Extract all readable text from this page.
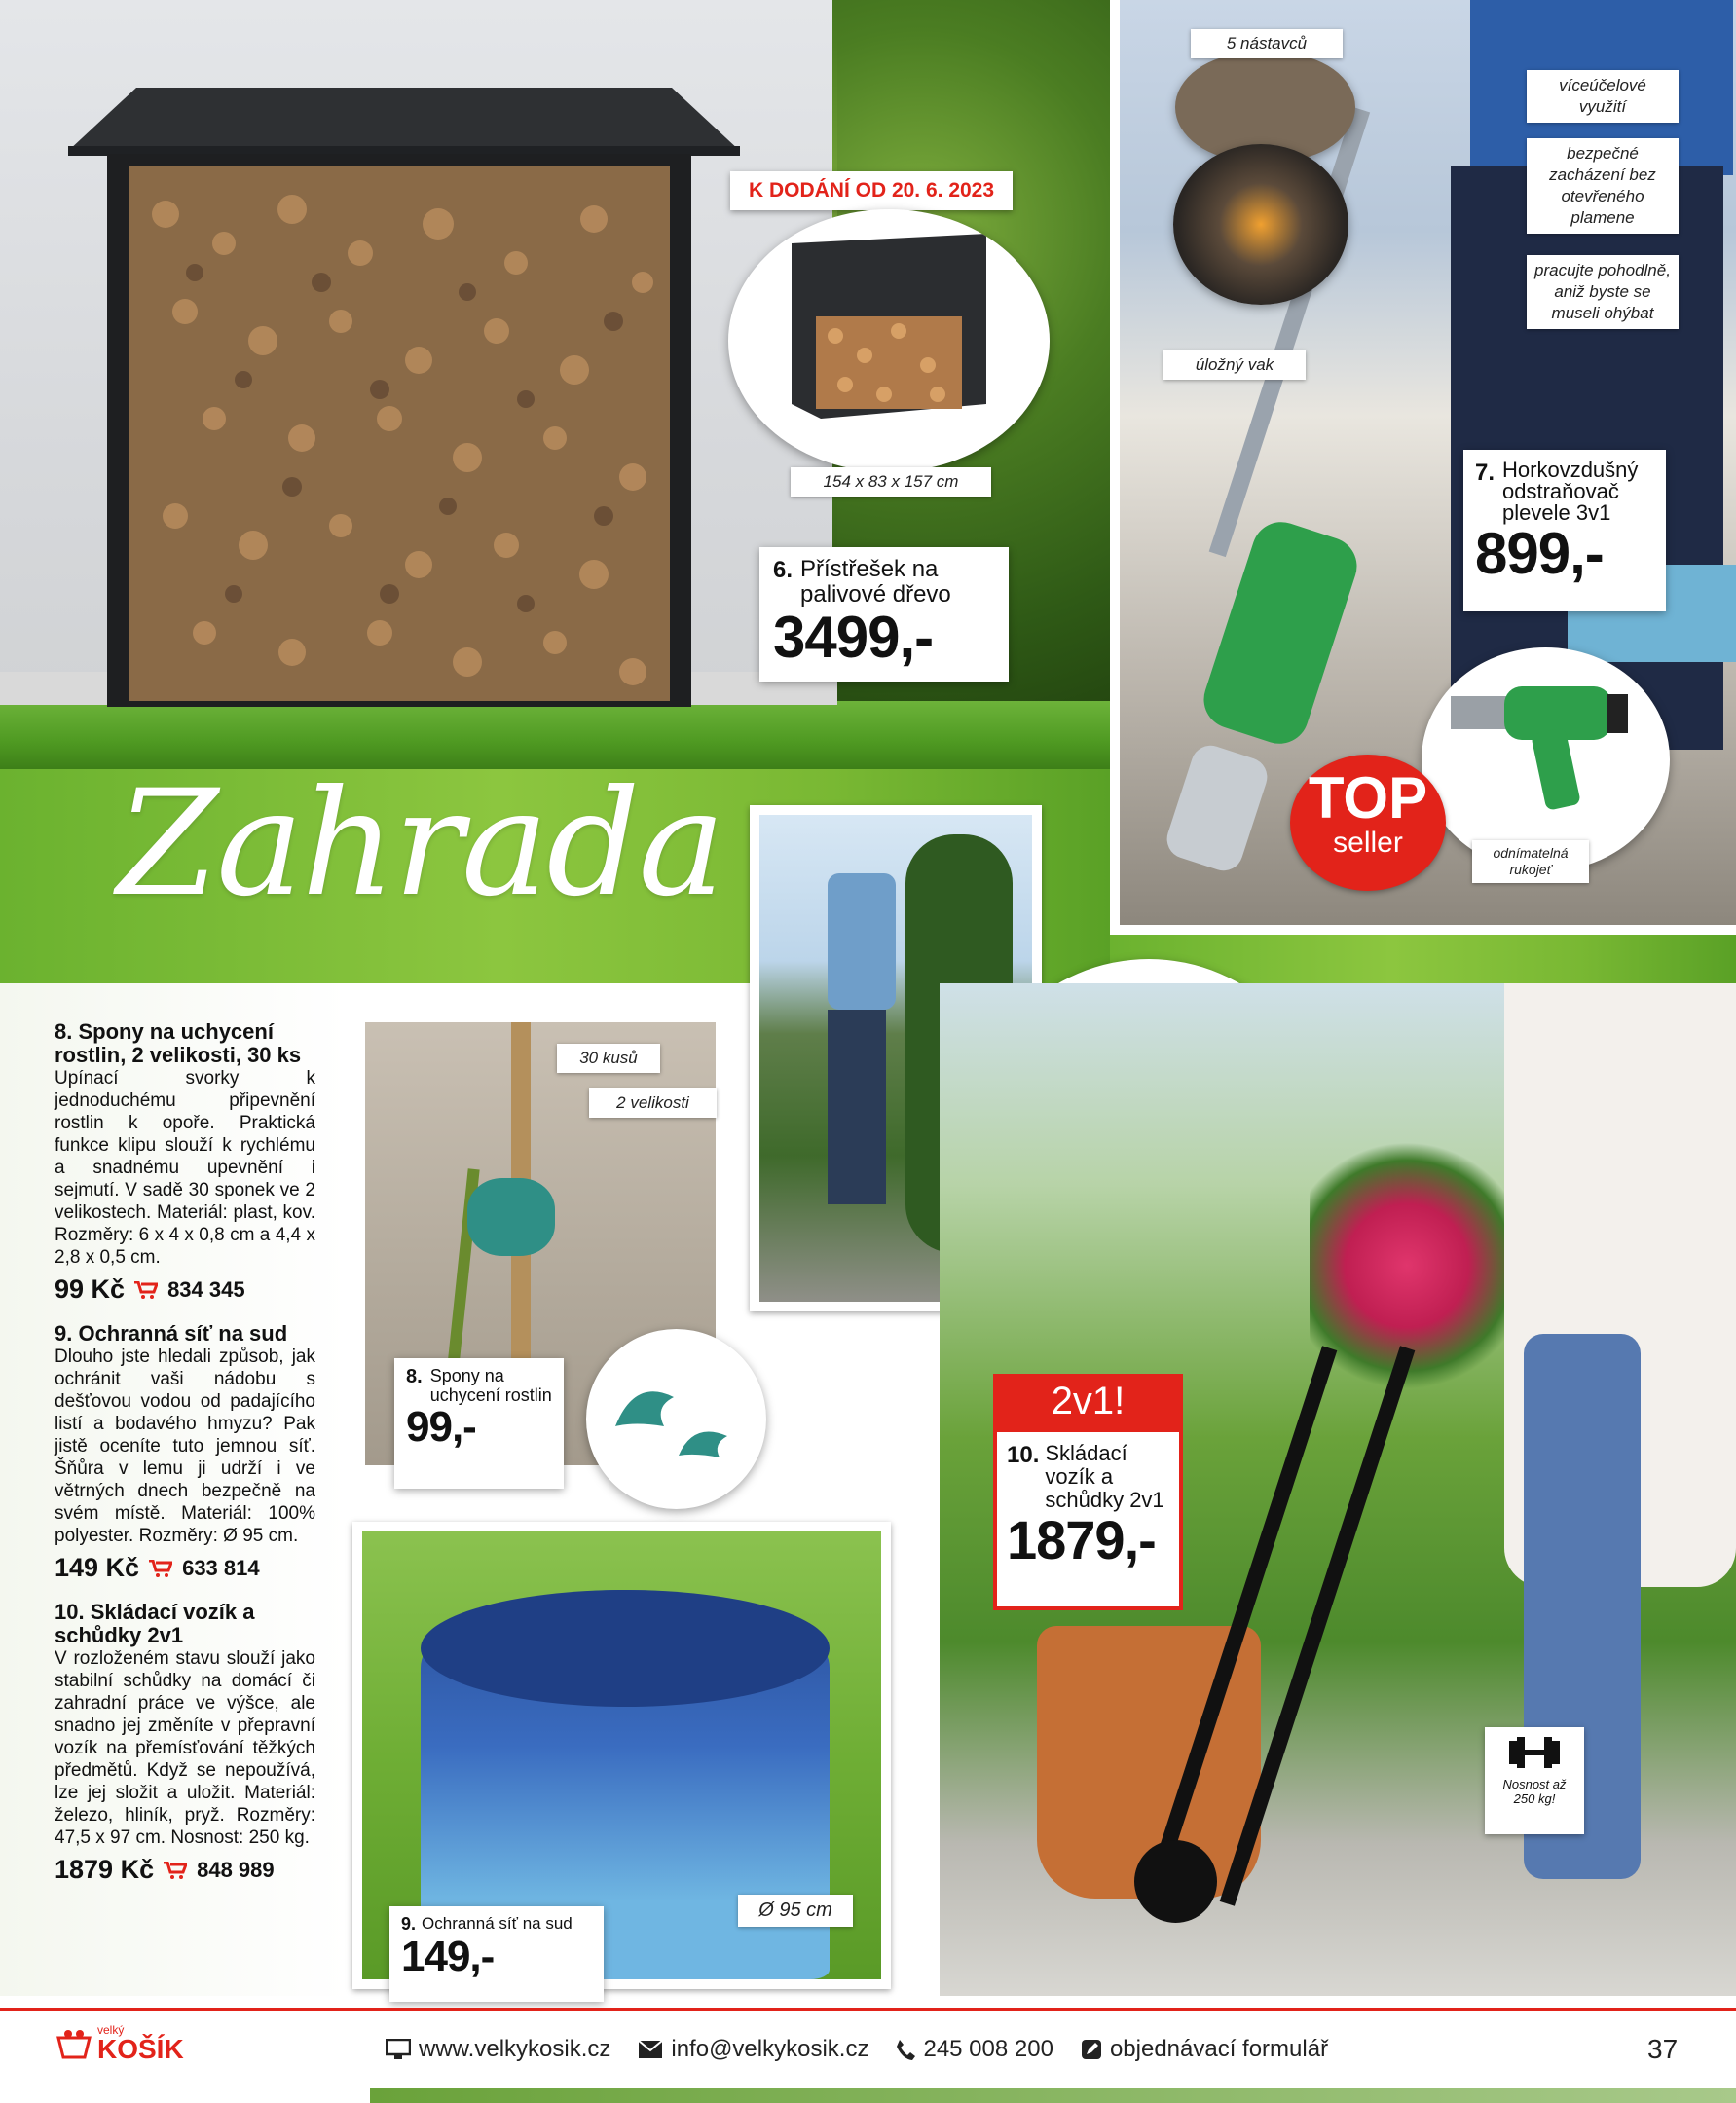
K DODÁNÍ OD 20. 6. 2023
154 x 83 x 157 cm
6. Přístřešek na palivové dřevo
3499,-
5 nástavců
úložný vak
víceúčelové využití
bezpečné zacházení bez otevřeného plamene
pracujte pohodlně, aniž byste se museli ohýbat
7. Horkovzdušný odstraňovač plevele 3v1
899,-
odnímatelná rukojeť
TOP
seller
Zahrada
8. Spony na uchycení rostlin, 2 velikosti, 30 ks

Upínací svorky k jednoduchému připevnění rostlin k opoře. Praktická funkce klipu slouží k rychlému a snadnému upevnění i sejmutí. V sadě 30 sponek ve 2 velikostech. Materiál: plast, kov. Rozměry: 6 x 4 x 0,8 cm a 4,4 x 2,8 x 0,5 cm.

99 Kč 834 345
9. Ochranná síť na sud

Dlouho jste hledali způsob, jak ochránit vaši nádobu s dešťovou vodou od padajícího listí a bodavého hmyzu? Pak jistě oceníte tuto jemnou síť. Šňůra v lemu ji udrží i ve větrných dnech bezpečně na svém místě. Materiál: 100% polyester. Rozměry: Ø 95 cm.

149 Kč 633 814
10. Skládací vozík a schůdky 2v1

V rozloženém stavu slouží jako stabilní schůdky na domácí či zahradní práce ve výšce, ale snadno jej změníte v přepravní vozík na přemísťování těžkých předmětů. Když se nepoužívá, lze jej složit a uložit. Materiál: železo, hliník, pryž. Rozměry: 47,5 x 97 cm. Nosnost: 250 kg.

1879 Kč 848 989
30 kusů
2 velikosti
8. Spony na uchycení rostlin
99,-
2v1!
10. Skládací vozík a schůdky 2v1
1879,-
Nosnost až 250 kg!
Ø 95 cm
9. Ochranná síť na sud
149,-
velký
KOŠÍK	www.velkykosik.cz	info@velkykosik.cz 245 008 200 objednávací formulář	37
